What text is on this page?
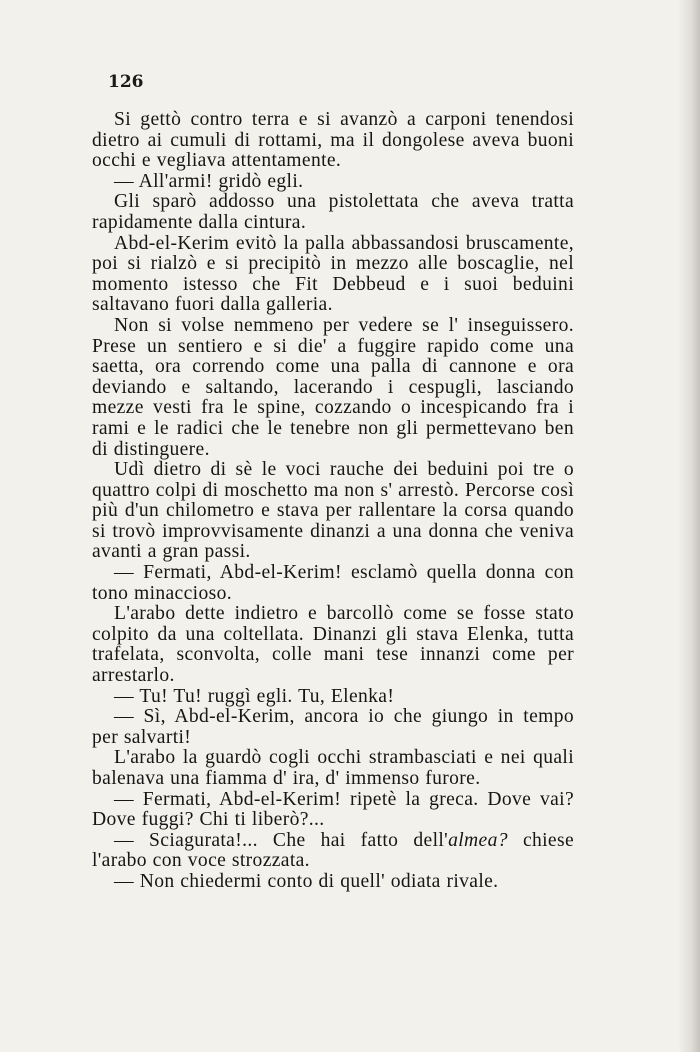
126

Si gettò contro terra e si avanzò a carponi tenendosi dietro ai cumuli di rottami, ma il dongolese aveva buoni occhi e vegliava attentamente.

— All'armi! gridò egli.

Gli sparò addosso una pistolettata che aveva tratta rapidamente dalla cintura.

Abd-el-Kerim evitò la palla abbassandosi bruscamente, poi si rialzò e si precipitò in mezzo alle boscaglie, nel momento istesso che Fit Debbeud e i suoi beduini saltavano fuori dalla galleria.

Non si volse nemmeno per vedere se l' inseguissero. Prese un sentiero e si die' a fuggire rapido come una saetta, ora correndo come una palla di cannone e ora deviando e saltando, lacerando i cespugli, lasciando mezze vesti fra le spine, cozzando o incespicando fra i rami e le radici che le tenebre non gli permettevano ben di distinguere.

Udì dietro di sè le voci rauche dei beduini poi tre o quattro colpi di moschetto ma non s' arrestò. Percorse così più d'un chilometro e stava per rallentare la corsa quando si trovò improvvisamente dinanzi a una donna che veniva avanti a gran passi.

— Fermati, Abd-el-Kerim! esclamò quella donna con tono minaccioso.

L'arabo dette indietro e barcollò come se fosse stato colpito da una coltellata. Dinanzi gli stava Elenka, tutta trafelata, sconvolta, colle mani tese innanzi come per arrestarlo.

— Tu! Tu! ruggì egli. Tu, Elenka!

— Sì, Abd-el-Kerim, ancora io che giungo in tempo per salvarti!

L'arabo la guardò cogli occhi strambasciati e nei quali balenava una fiamma d' ira, d' immenso furore.

— Fermati, Abd-el-Kerim! ripetè la greca. Dove vai? Dove fuggi? Chi ti liberò?...

— Sciagurata!... Che hai fatto dell'almea? chiese l'arabo con voce strozzata.

— Non chiedermi conto di quell' odiata rivale.
